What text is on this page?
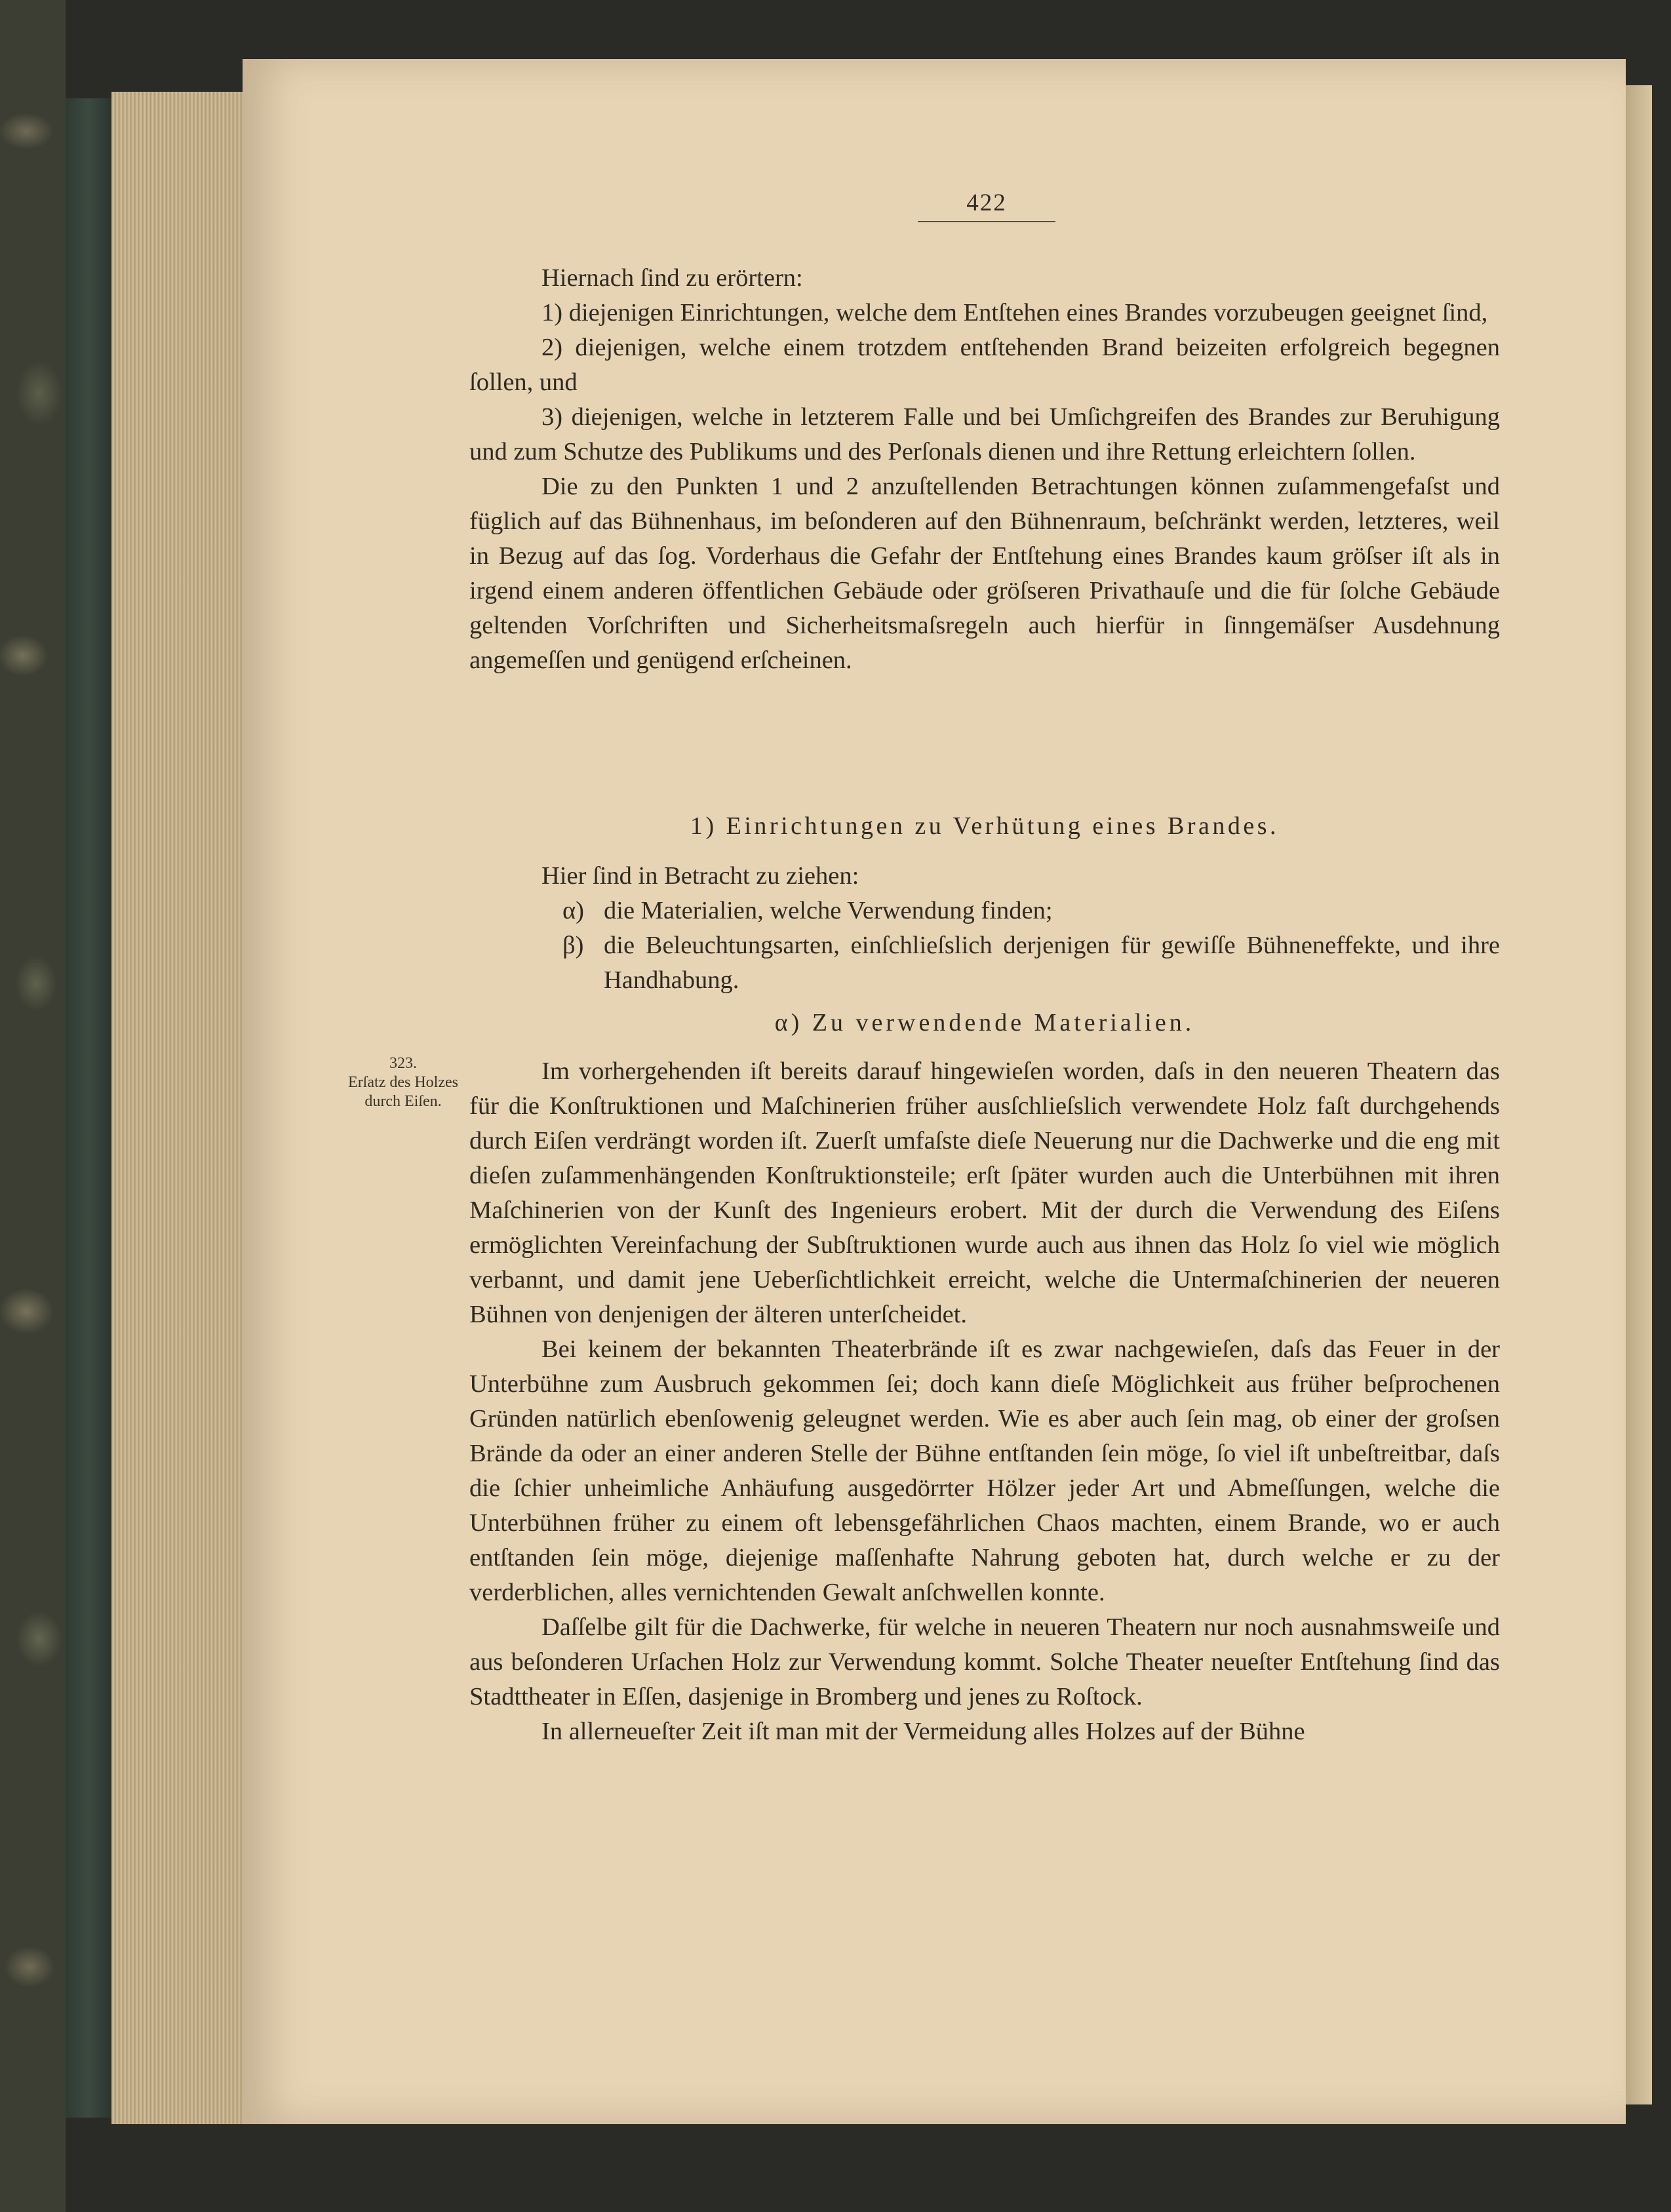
422

Hiernach ſind zu erörtern:

1) diejenigen Einrichtungen, welche dem Entſtehen eines Brandes vorzubeugen geeignet ſind,

2) diejenigen, welche einem trotzdem entſtehenden Brand beizeiten erfolgreich begegnen ſollen, und

3) diejenigen, welche in letzterem Falle und bei Umſichgreifen des Brandes zur Beruhigung und zum Schutze des Publikums und des Perſonals dienen und ihre Rettung erleichtern ſollen.

Die zu den Punkten 1 und 2 anzuſtellenden Betrachtungen können zuſammengefaſst und füglich auf das Bühnenhaus, im beſonderen auf den Bühnenraum, beſchränkt werden, letzteres, weil in Bezug auf das ſog. Vorderhaus die Gefahr der Entſtehung eines Brandes kaum gröſser iſt als in irgend einem anderen öffentlichen Gebäude oder gröſseren Privathauſe und die für ſolche Gebäude geltenden Vorſchriften und Sicherheitsmaſsregeln auch hierfür in ſinngemäſser Ausdehnung angemeſſen und genügend erſcheinen.

1) Einrichtungen zu Verhütung eines Brandes.

Hier ſind in Betracht zu ziehen:

α) die Materialien, welche Verwendung finden;
β) die Beleuchtungsarten, einſchlieſslich derjenigen für gewiſſe Bühneneffekte, und ihre Handhabung.
α) Zu verwendende Materialien.
323.
Erſatz des Holzes durch Eiſen.

Im vorhergehenden iſt bereits darauf hingewieſen worden, daſs in den neueren Theatern das für die Konſtruktionen und Maſchinerien früher ausſchlieſslich verwendete Holz faſt durchgehends durch Eiſen verdrängt worden iſt. Zuerſt umfaſste dieſe Neuerung nur die Dachwerke und die eng mit dieſen zuſammenhängenden Konſtruktionsteile; erſt ſpäter wurden auch die Unterbühnen mit ihren Maſchinerien von der Kunſt des Ingenieurs erobert. Mit der durch die Verwendung des Eiſens ermöglichten Vereinfachung der Subſtruktionen wurde auch aus ihnen das Holz ſo viel wie möglich verbannt, und damit jene Ueberſichtlichkeit erreicht, welche die Untermaſchinerien der neueren Bühnen von denjenigen der älteren unterſcheidet.

Bei keinem der bekannten Theaterbrände iſt es zwar nachgewieſen, daſs das Feuer in der Unterbühne zum Ausbruch gekommen ſei; doch kann dieſe Möglichkeit aus früher beſprochenen Gründen natürlich ebenſowenig geleugnet werden. Wie es aber auch ſein mag, ob einer der groſsen Brände da oder an einer anderen Stelle der Bühne entſtanden ſein möge, ſo viel iſt unbeſtreitbar, daſs die ſchier unheimliche Anhäufung ausgedörrter Hölzer jeder Art und Abmeſſungen, welche die Unterbühnen früher zu einem oft lebensgefährlichen Chaos machten, einem Brande, wo er auch entſtanden ſein möge, diejenige maſſenhafte Nahrung geboten hat, durch welche er zu der verderblichen, alles vernichtenden Gewalt anſchwellen konnte.

Daſſelbe gilt für die Dachwerke, für welche in neueren Theatern nur noch ausnahmsweiſe und aus beſonderen Urſachen Holz zur Verwendung kommt. Solche Theater neueſter Entſtehung ſind das Stadttheater in Eſſen, dasjenige in Bromberg und jenes zu Roſtock.

In allerneueſter Zeit iſt man mit der Vermeidung alles Holzes auf der Bühne
